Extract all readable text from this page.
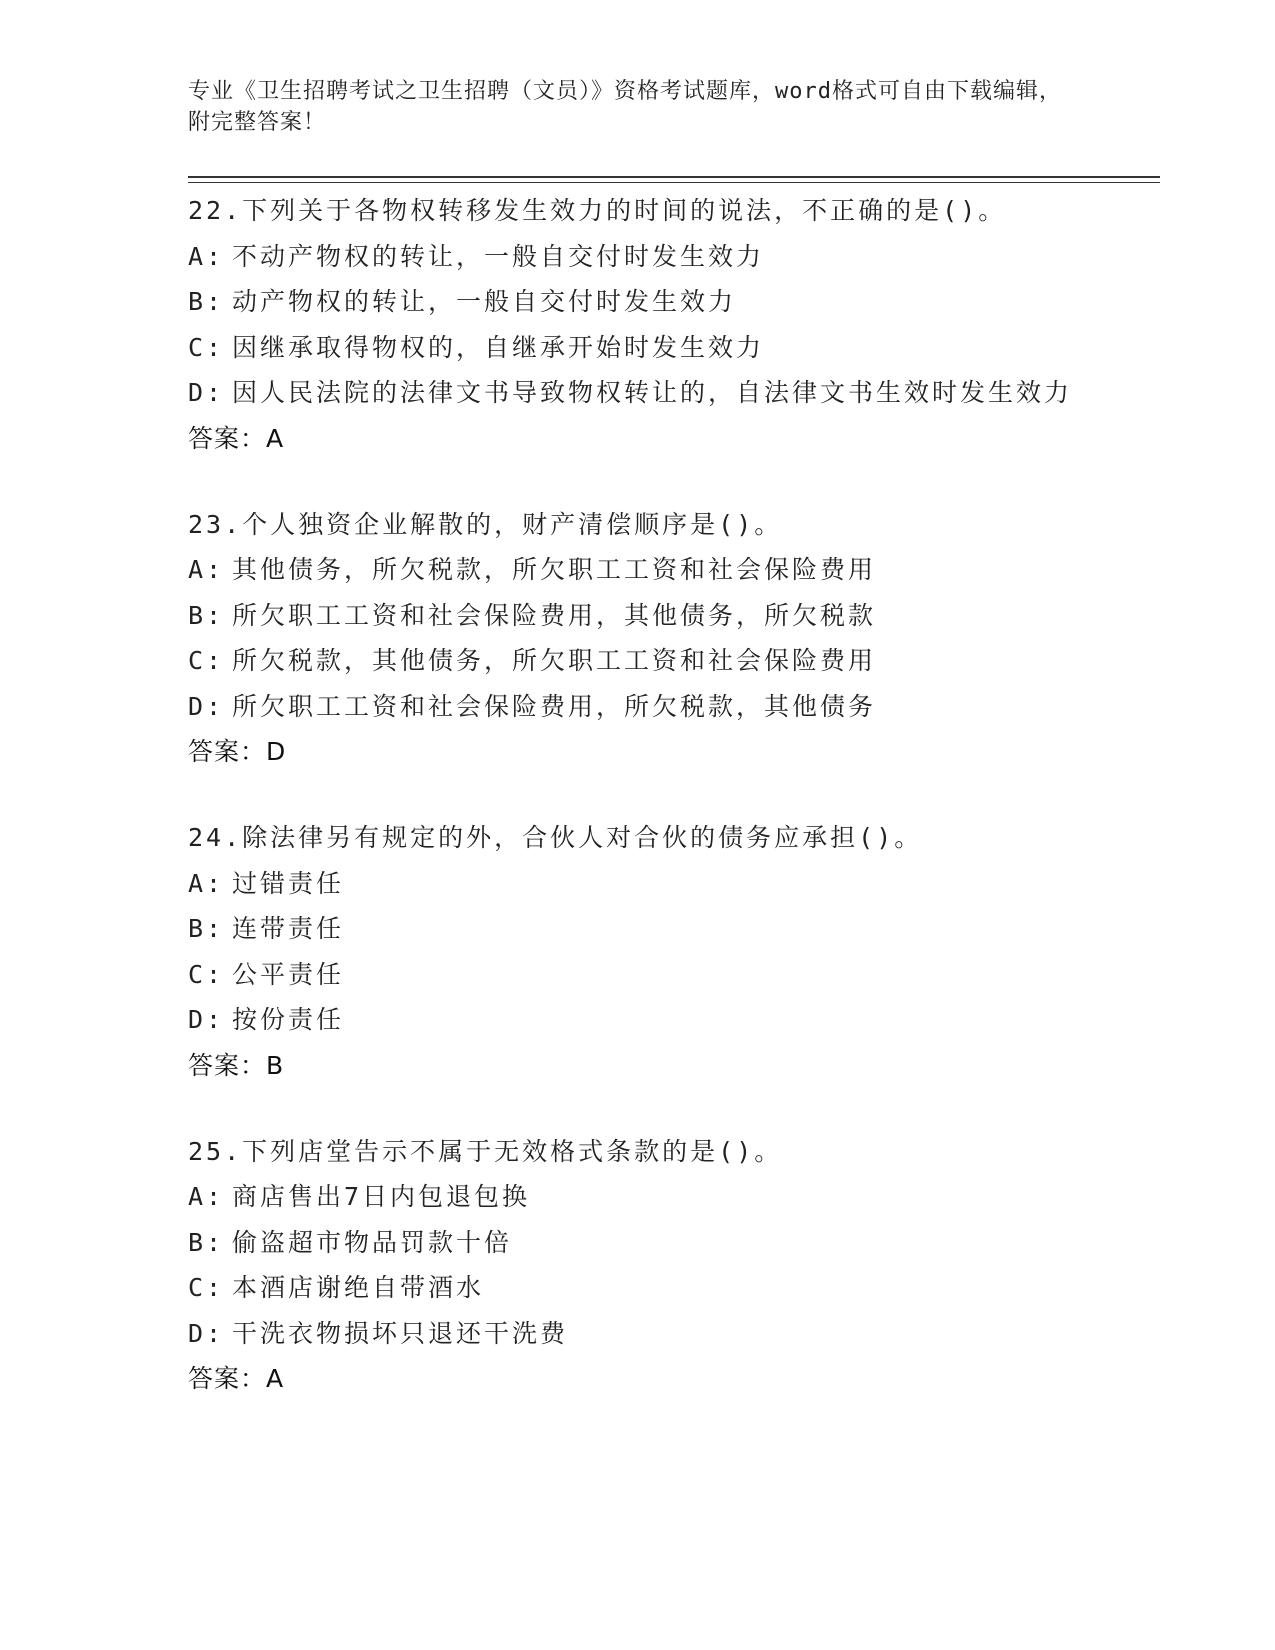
专业《卫生招聘考试之卫生招聘（文员）》资格考试题库，word格式可自由下载编辑，附完整答案！
22.下列关于各物权转移发生效力的时间的说法，不正确的是()。
A: 不动产物权的转让，一般自交付时发生效力
B: 动产物权的转让，一般自交付时发生效力
C: 因继承取得物权的，自继承开始时发生效力
D: 因人民法院的法律文书导致物权转让的，自法律文书生效时发生效力
答案：A
23.个人独资企业解散的，财产清偿顺序是()。
A: 其他债务，所欠税款，所欠职工工资和社会保险费用
B: 所欠职工工资和社会保险费用，其他债务，所欠税款
C: 所欠税款，其他债务，所欠职工工资和社会保险费用
D: 所欠职工工资和社会保险费用，所欠税款，其他债务
答案：D
24.除法律另有规定的外，合伙人对合伙的债务应承担()。
A: 过错责任
B: 连带责任
C: 公平责任
D: 按份责任
答案：B
25.下列店堂告示不属于无效格式条款的是()。
A: 商店售出7日内包退包换
B: 偷盗超市物品罚款十倍
C: 本酒店谢绝自带酒水
D: 干洗衣物损坏只退还干洗费
答案：A
